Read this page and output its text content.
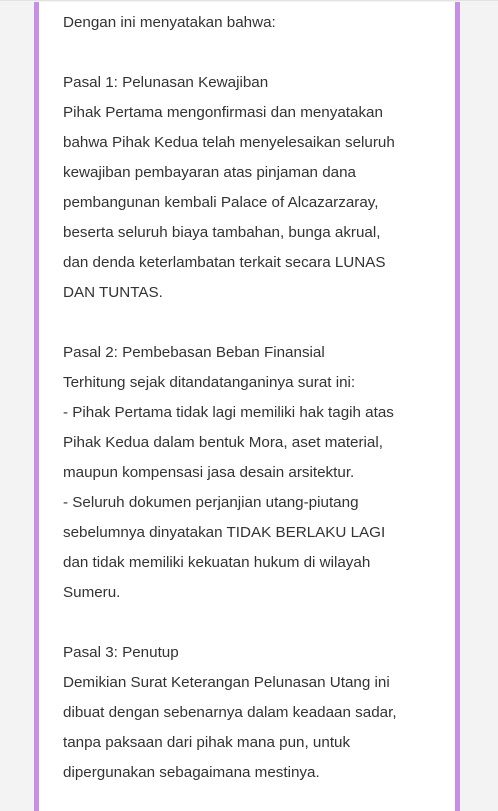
Dengan ini menyatakan bahwa:
Pasal 1: Pelunasan Kewajiban
Pihak Pertama mengonfirmasi dan menyatakan
bahwa Pihak Kedua telah menyelesaikan seluruh
kewajiban pembayaran atas pinjaman dana
pembangunan kembali Palace of Alcazarzaray,
beserta seluruh biaya tambahan, bunga akrual,
dan denda keterlambatan terkait secara LUNAS
DAN TUNTAS.
Pasal 2: Pembebasan Beban Finansial
Terhitung sejak ditandatanganinya surat ini:
- Pihak Pertama tidak lagi memiliki hak tagih atas
Pihak Kedua dalam bentuk Mora, aset material,
maupun kompensasi jasa desain arsitektur.
- Seluruh dokumen perjanjian utang-piutang
sebelumnya dinyatakan TIDAK BERLAKU LAGI
dan tidak memiliki kekuatan hukum di wilayah
Sumeru.
Pasal 3: Penutup
Demikian Surat Keterangan Pelunasan Utang ini
dibuat dengan sebenarnya dalam keadaan sadar,
tanpa paksaan dari pihak mana pun, untuk
dipergunakan sebagaimana mestinya.
